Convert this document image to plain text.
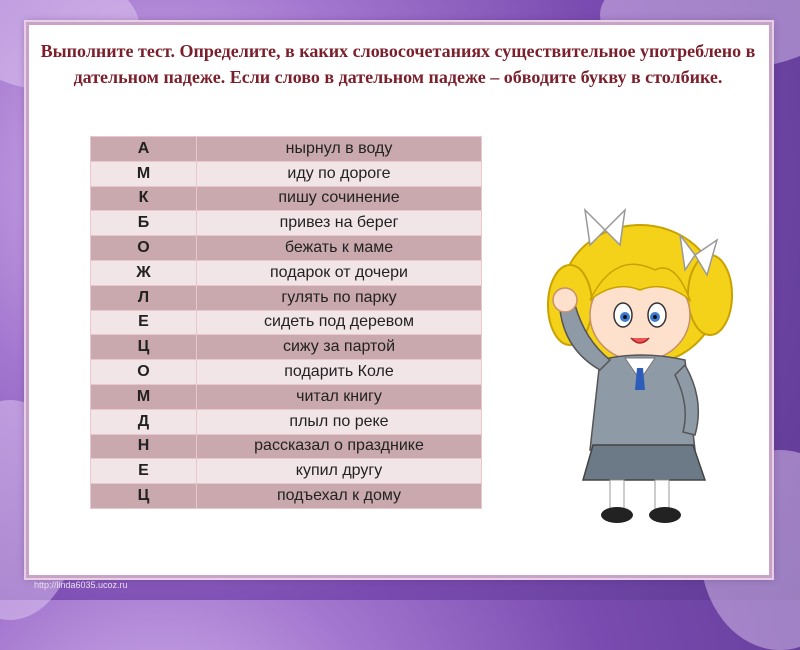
Выполните тест. Определите, в каких словосочетаниях существительное употреблено в дательном падеже. Если слово в дательном падеже – обводите букву в столбике.
А	нырнул в воду
М	иду по дороге
К	пишу сочинение
Б	привез на берег
О	бежать к маме
Ж	подарок от дочери
Л	гулять по парку
Е	сидеть под деревом
Ц	сижу за партой
О	подарить Коле
М	читал книгу
Д	плыл по реке
Н	рассказал о празднике
Е	купил другу
Ц	подъехал к дому
http://linda6035.ucoz.ru
